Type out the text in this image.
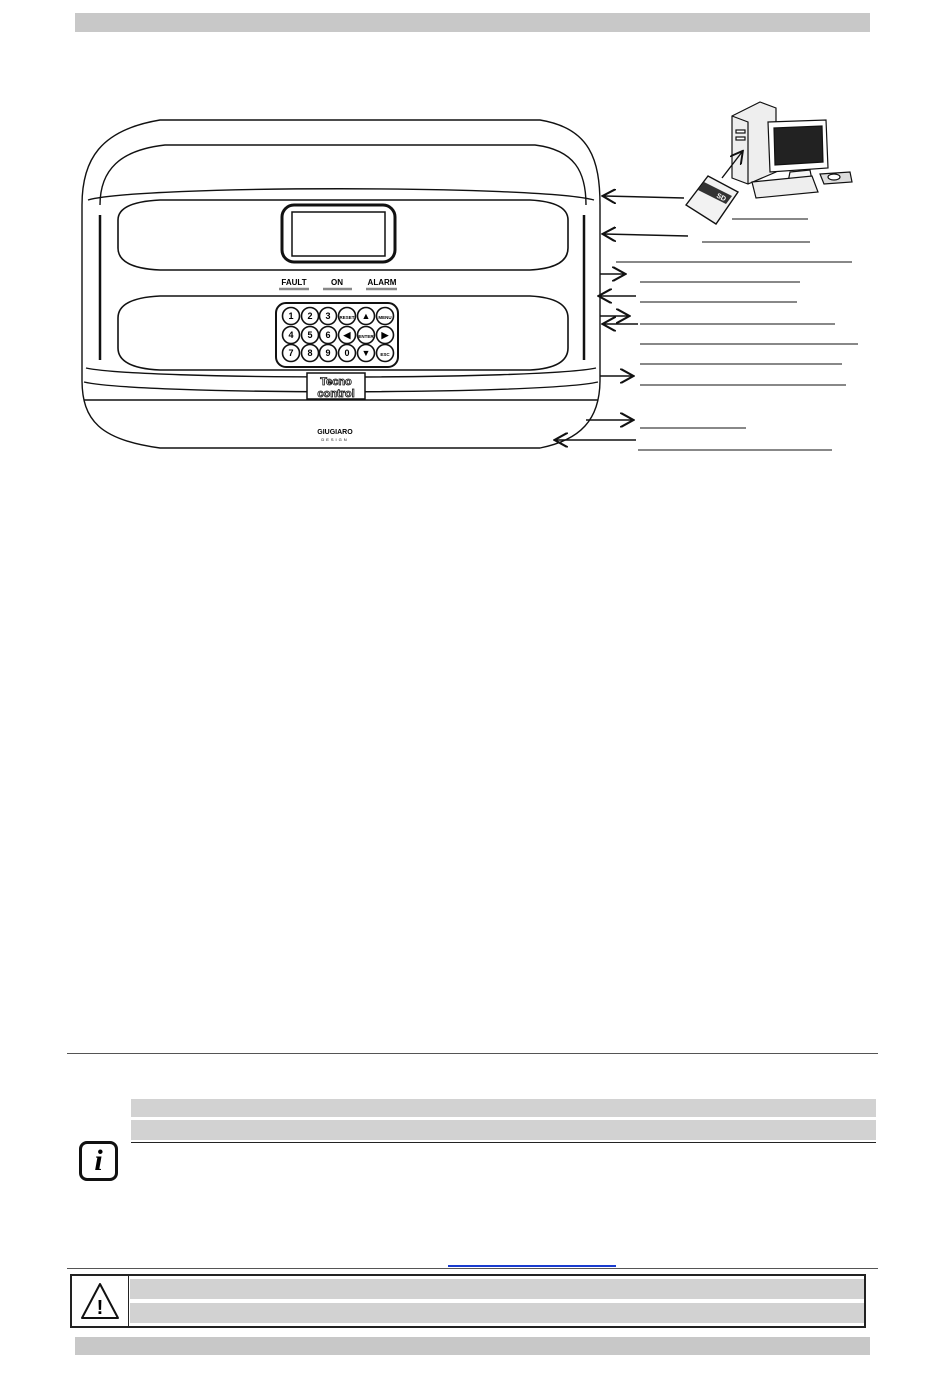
FAULT	ON	ALARM
1 2 3 RESET ▲ MENU
4 5 6 ◀ ENTER ▶
7 8 9 0 ▼ ESC
Tecno
control
GIUGIARO
DESIGN
SD
i
!
